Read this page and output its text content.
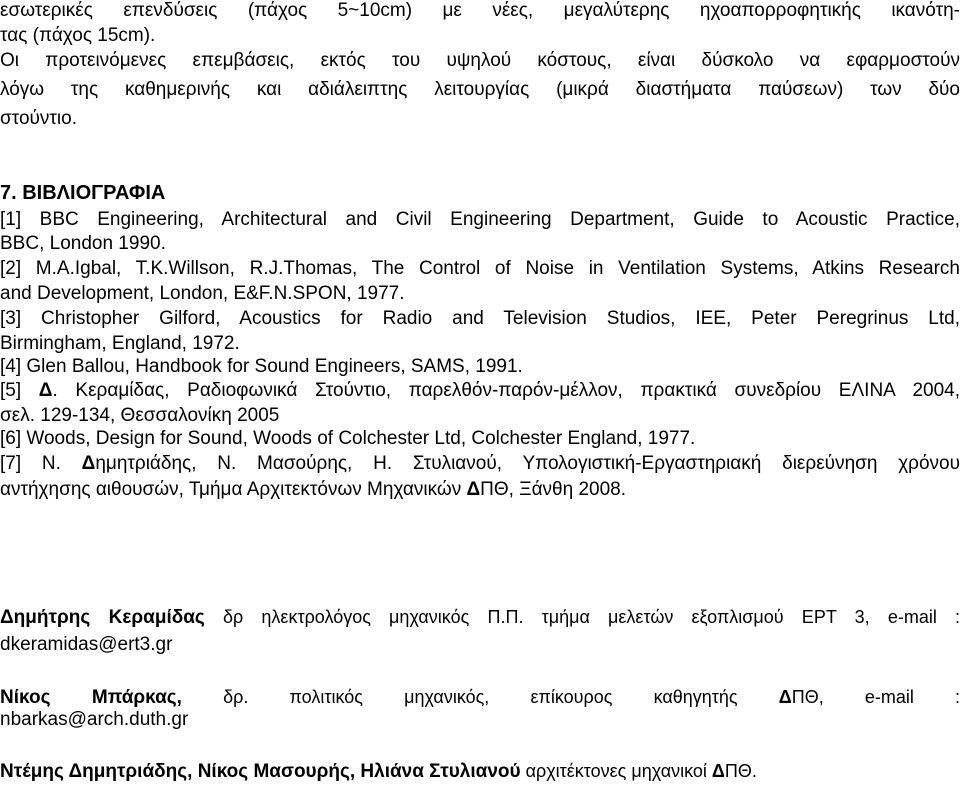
εσωτερικές επενδύσεις (πάχος 5~10cm) με νέες, μεγαλύτερης ηχοαπορροφητικής ικανότη-
τας (πάχος 15cm).
Οι προτεινόμενες επεμβάσεις, εκτός του υψηλού κόστους, είναι δύσκολο να εφαρμοστούν
λόγω της καθημερινής και αδιάλειπτης λειτουργίας (μικρά διαστήματα παύσεων) των δύο
στούντιο.
7. ΒΙΒΛΙΟΓΡΑΦΙΑ
[1] BBC Engineering, Architectural and Civil Engineering Department, Guide to Acoustic Practice,
BBC, London 1990.
[2] M.A.Igbal, T.K.Willson, R.J.Thomas, The Control of Noise in Ventilation Systems, Atkins Research
and Development, London, E&F.N.SPON, 1977.
[3] Christopher Gilford, Acoustics for Radio and Television Studios, IEE, Peter Peregrinus Ltd,
Birmingham, England, 1972.
[4] Glen Ballou, Handbook for Sound Engineers, SAMS, 1991.
[5] Δ. Κεραμίδας, Ραδιοφωνικά Στούντιο, παρελθόν-παρόν-μέλλον, πρακτικά συνεδρίου ΕΛΙΝΑ 2004,
σελ. 129-134, Θεσσαλονίκη 2005
[6] Woods, Design for Sound, Woods of Colchester Ltd, Colchester England, 1977.
[7] Ν. Δημητριάδης, Ν. Μασούρης, Η. Στυλιανού, Υπολογιστική-Εργαστηριακή διερεύνηση χρόνου
αντήχησης αιθουσών, Τμήμα Αρχιτεκτόνων Μηχανικών ΔΠΘ, Ξάνθη 2008.
Δημήτρης Κεραμίδας δρ ηλεκτρολόγος μηχανικός Π.Π. τμήμα μελετών εξοπλισμού ΕΡΤ 3, e-mail :
dkeramidas@ert3.gr
Νίκος Μπάρκας, δρ. πολιτικός μηχανικός, επίκουρος καθηγητής ΔΠΘ, e-mail :
nbarkas@arch.duth.gr
Ντέμης Δημητριάδης, Νίκος Μασουρής, Ηλιάνα Στυλιανού αρχιτέκτονες μηχανικοί ΔΠΘ.
